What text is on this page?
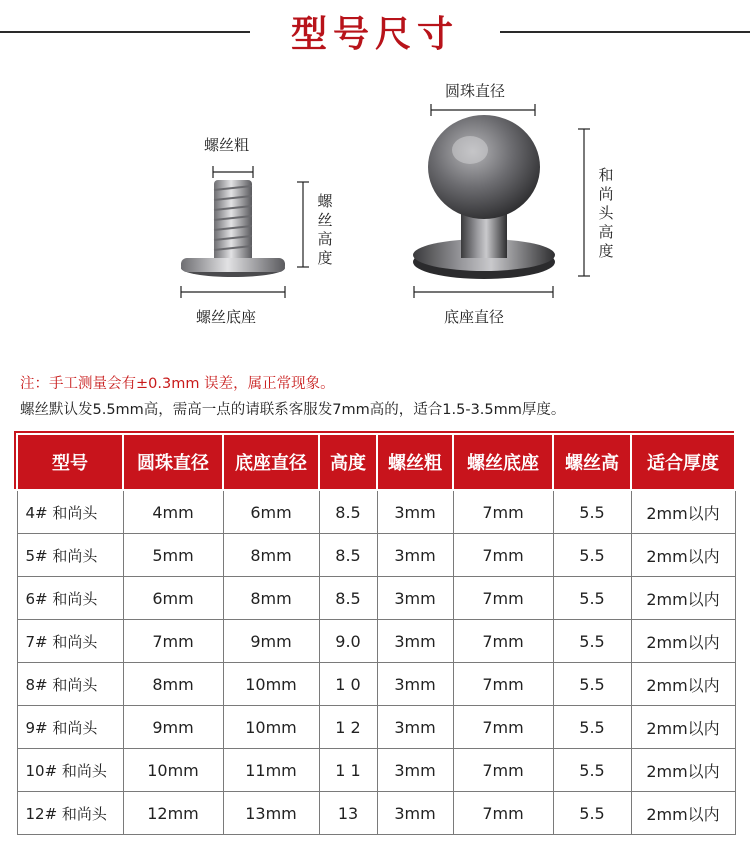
型号尺寸
螺丝粗
螺丝高度
螺丝底座
圆珠直径
和尚头高度
底座直径
注：手工测量会有±0.3mm 误差，属正常现象。
螺丝默认发5.5mm高，需高一点的请联系客服发7mm高的，适合1.5-3.5mm厚度。
型号	圆珠直径	底座直径	高度	螺丝粗	螺丝底座	螺丝高	适合厚度
4# 和尚头	4mm	6mm	8.5	3mm	7mm	5.5	2mm以内
5# 和尚头	5mm	8mm	8.5	3mm	7mm	5.5	2mm以内
6# 和尚头	6mm	8mm	8.5	3mm	7mm	5.5	2mm以内
7# 和尚头	7mm	9mm	9.0	3mm	7mm	5.5	2mm以内
8# 和尚头	8mm	10mm	1 0	3mm	7mm	5.5	2mm以内
9# 和尚头	9mm	10mm	1 2	3mm	7mm	5.5	2mm以内
10# 和尚头	10mm	11mm	1 1	3mm	7mm	5.5	2mm以内
12# 和尚头	12mm	13mm	13	3mm	7mm	5.5	2mm以内
